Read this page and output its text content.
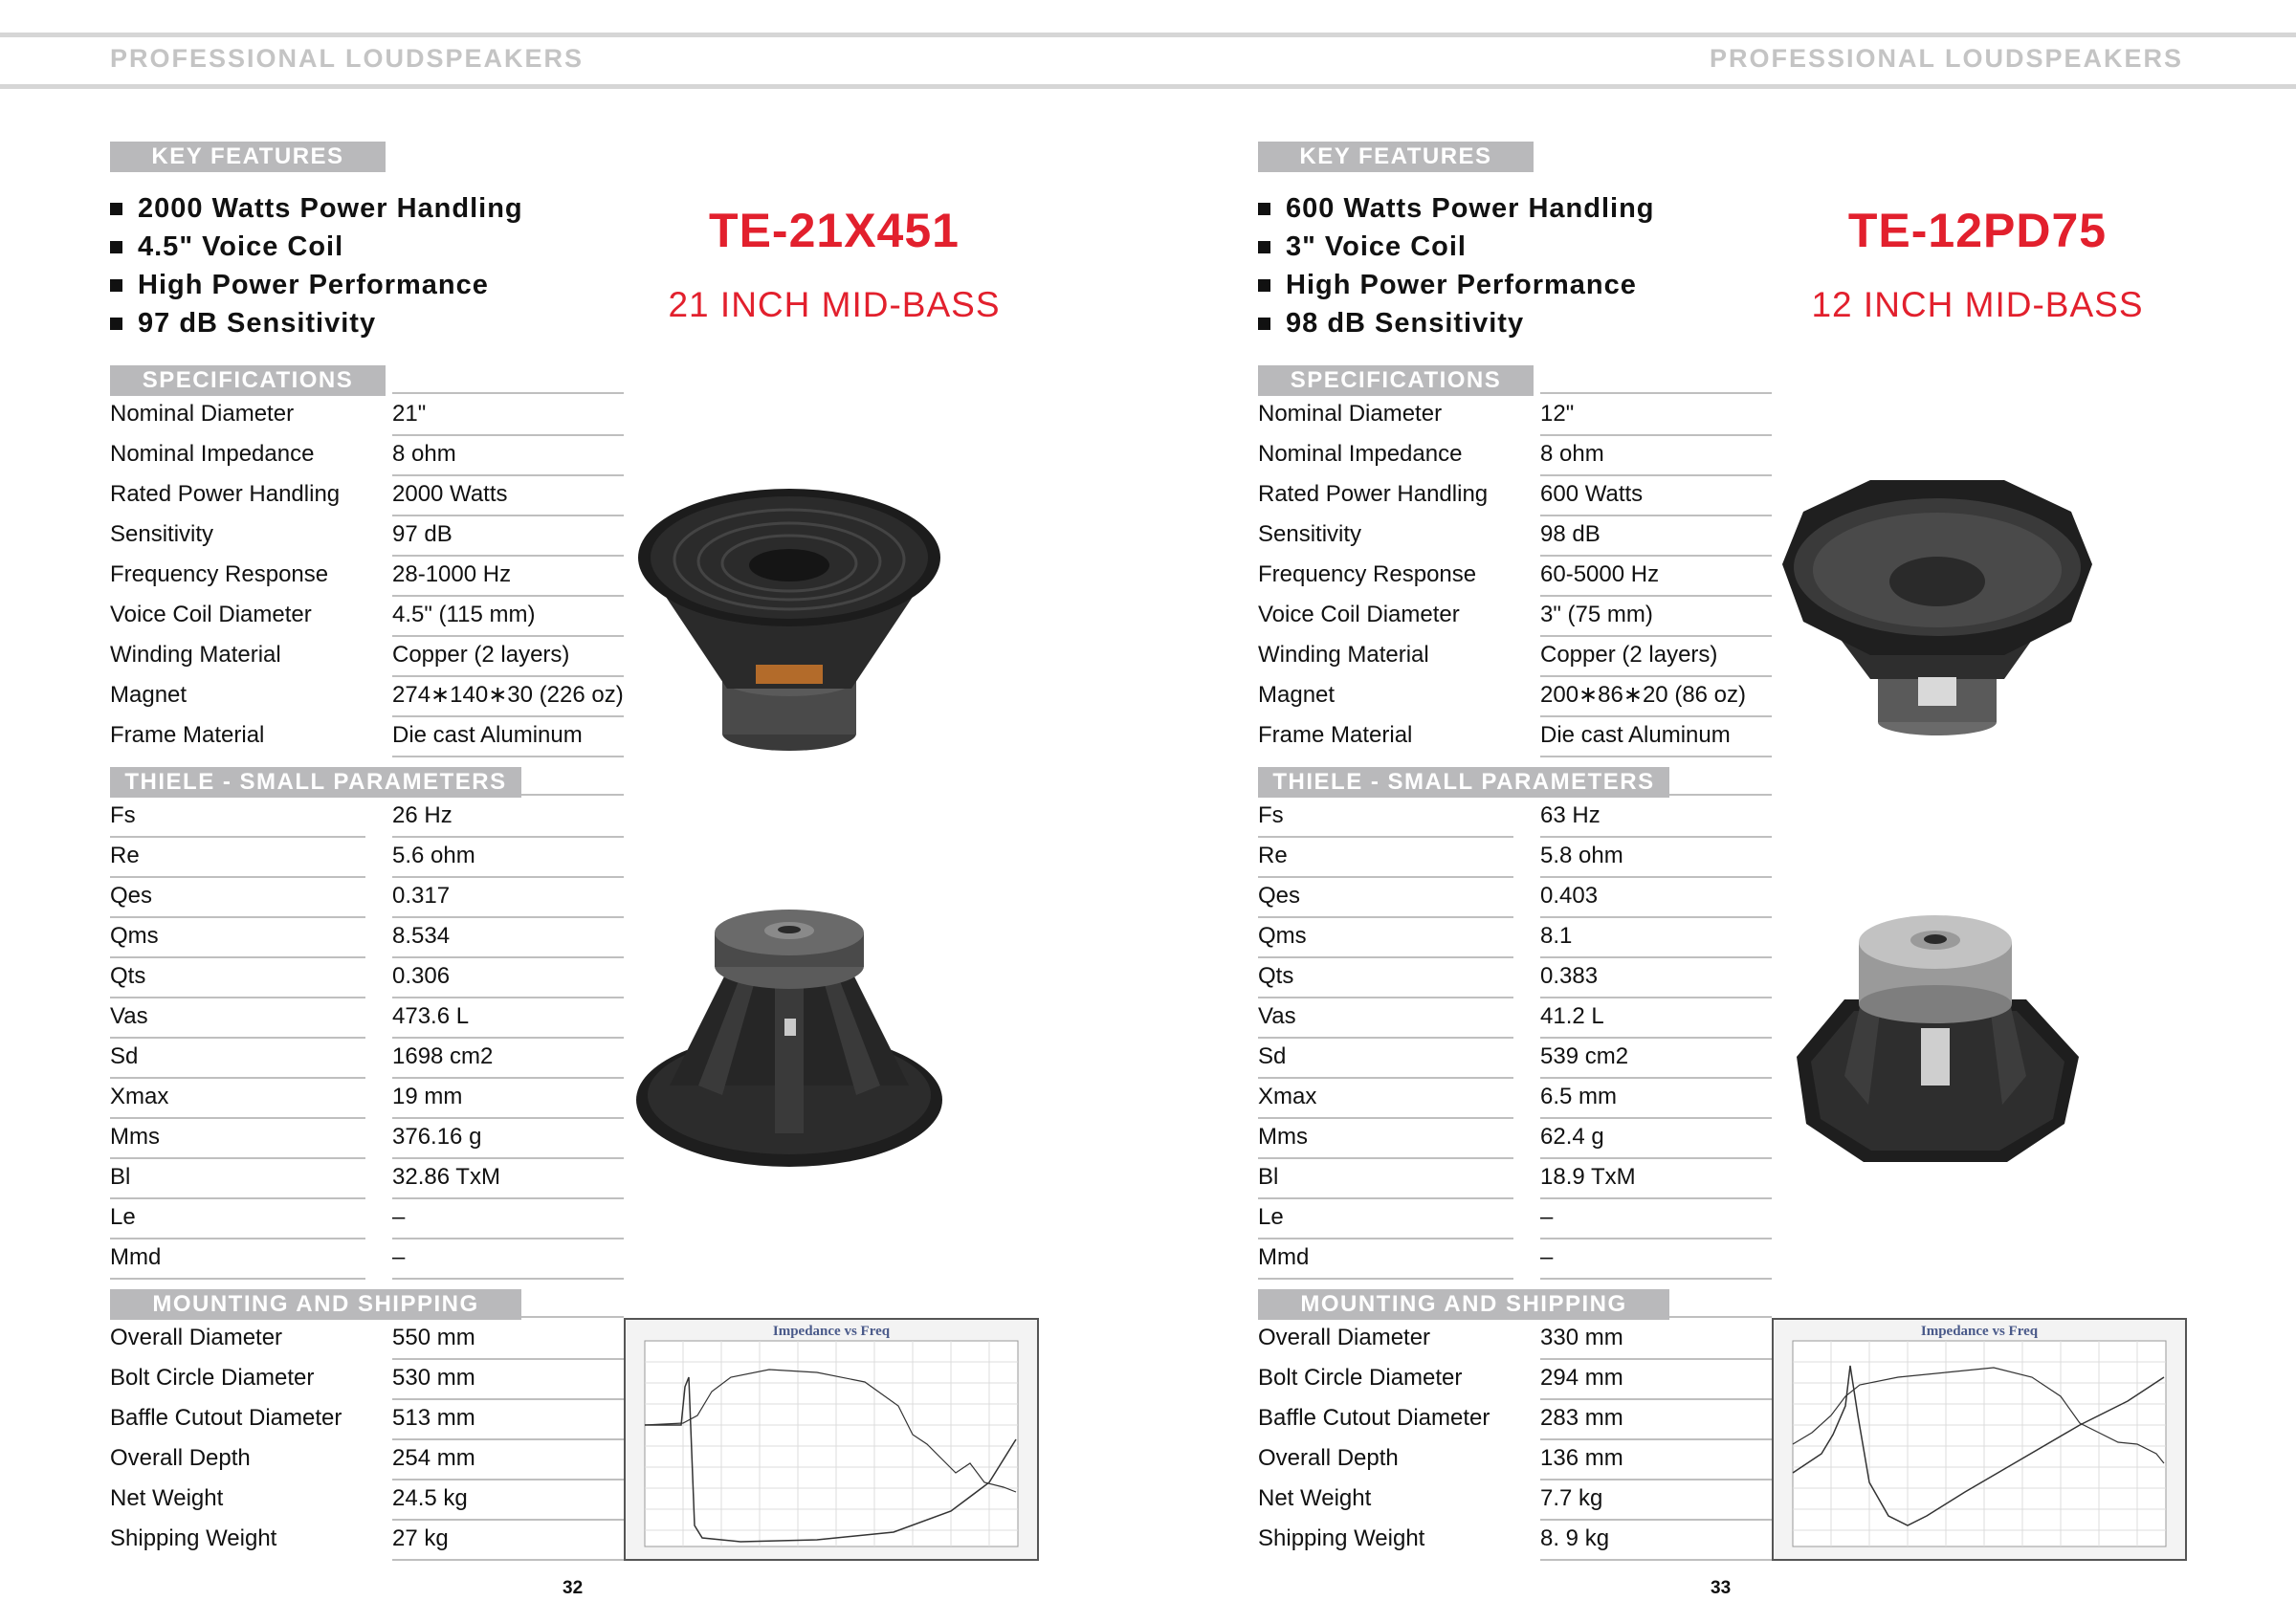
PROFESSIONAL LOUDSPEAKERS	PROFESSIONAL LOUDSPEAKERS
KEY FEATURES
2000 Watts Power Handling
4.5" Voice Coil
High Power Performance
97 dB Sensitivity
TE-21X451
21 INCH MID-BASS
SPECIFICATIONS
THIELE - SMALL PARAMETERS
MOUNTING AND SHIPPING
Impedance vs Freq
32
Nominal Diameter	21"
Nominal Impedance	8 ohm
Rated Power Handling 2000 Watts
Sensitivity	97 dB
Frequency Response	28-1000 Hz
Voice Coil Diameter	4.5" (115 mm)
Winding Material	Copper (2 layers)
Magnet	274∗140∗30 (226 oz)
Frame Material	Die cast Aluminum
Fs	26 Hz
Re	5.6 ohm
Qes	0.317
Qms	8.534
Qts	0.306
Vas	473.6 L
Sd	1698 cm2
Xmax	19 mm
Mms	376.16 g
Bl	32.86 TxM
Le	–
Mmd	–
Overall Diameter	550 mm
Bolt Circle Diameter	530 mm
Baffle Cutout Diameter 513 mm
Overall Depth	254 mm
Net Weight	24.5 kg
Shipping Weight	27 kg
KEY FEATURES
600 Watts Power Handling
3" Voice Coil
High Power Performance
98 dB Sensitivity
TE-12PD75
12 INCH MID-BASS
SPECIFICATIONS
THIELE - SMALL PARAMETERS
MOUNTING AND SHIPPING
Impedance vs Freq
33
Nominal Diameter	12"
Nominal Impedance	8 ohm
Rated Power Handling 600 Watts
Sensitivity	98 dB
Frequency Response	60-5000 Hz
Voice Coil Diameter	3" (75 mm)
Winding Material	Copper (2 layers)
Magnet	200∗86∗20 (86 oz)
Frame Material	Die cast Aluminum
Fs	63 Hz
Re	5.8 ohm
Qes	0.403
Qms	8.1
Qts	0.383
Vas	41.2 L
Sd	539 cm2
Xmax	6.5 mm
Mms	62.4 g
Bl	18.9 TxM
Le	–
Mmd	–
Overall Diameter	330 mm
Bolt Circle Diameter	294 mm
Baffle Cutout Diameter 283 mm
Overall Depth	136 mm
Net Weight	7.7 kg
Shipping Weight	8. 9 kg
